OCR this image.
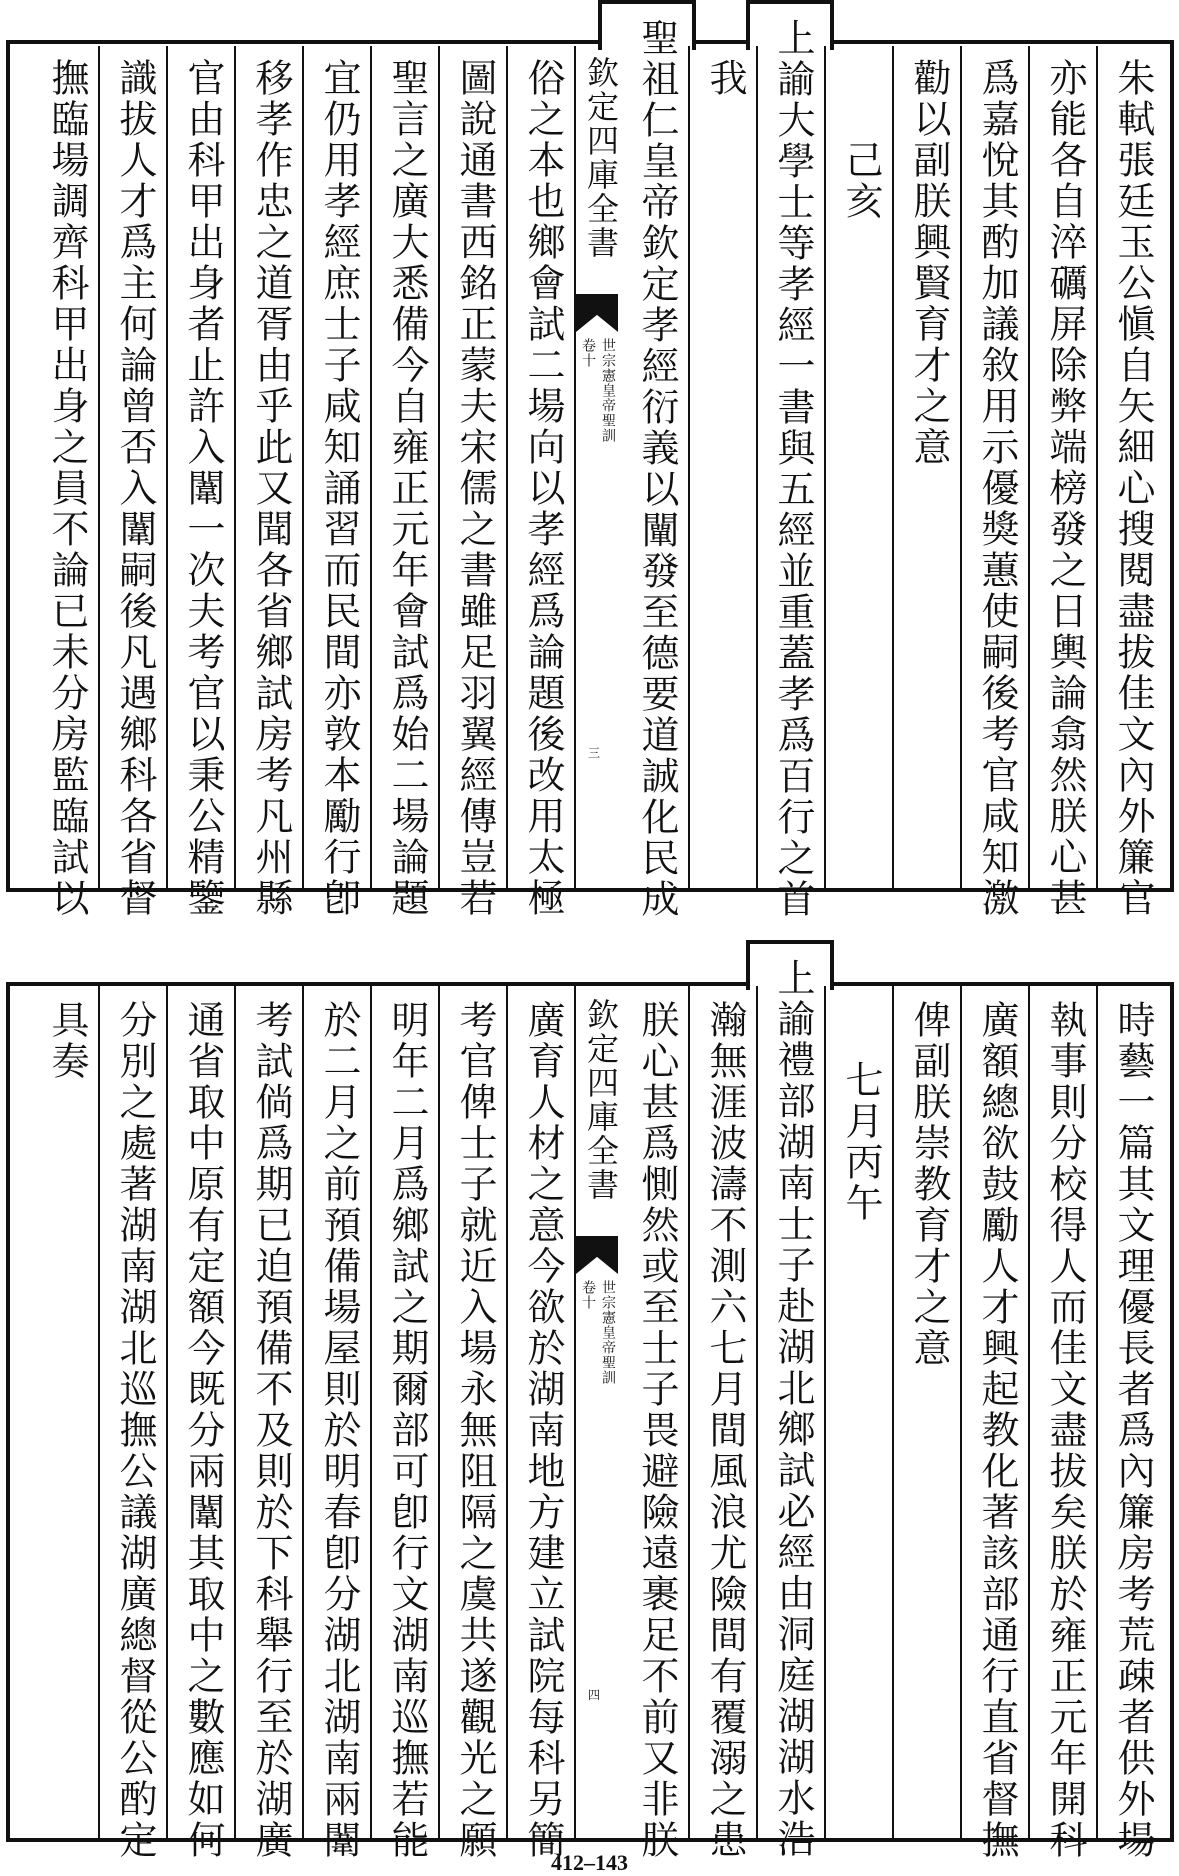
朱軾張廷玉公愼自矢細心搜閱盡拔佳文內外簾官
亦能各自淬礪屏除弊端榜發之日輿論翕然朕心甚
爲嘉悅其酌加議敘用示優獎蕙使嗣後考官咸知激
勸以副朕興賢育才之意
己亥
上諭大學士等孝經一書與五經並重蓋孝爲百行之首
我
聖祖仁皇帝欽定孝經衍義以闡發至德要道誠化民成
欽定四庫全書
世宗憲皇帝聖訓
卷十
三
俗之本也鄉會試二場向以孝經爲論題後改用太極
圖說通書西銘正蒙夫宋儒之書雖足羽翼經傳豈若
聖言之廣大悉備今自雍正元年會試爲始二場論題
宜仍用孝經庶士子咸知誦習而民間亦敦本勵行卽
移孝作忠之道胥由乎此又聞各省鄉試房考凡州縣
官由科甲出身者止許入闈一次夫考官以秉公精鑒
識拔人才爲主何論曾否入闈嗣後凡遇鄉科各省督
撫臨場調齊科甲出身之員不論已未分房監臨試以
時藝一篇其文理優長者爲內簾房考荒疎者供外場
執事則分校得人而佳文盡拔矣朕於雍正元年開科
廣額總欲鼓勵人才興起教化著該部通行直省督撫
俾副朕崇教育才之意
七月丙午
上諭禮部湖南士子赴湖北鄉試必經由洞庭湖湖水浩
瀚無涯波濤不測六七月間風浪尤險間有覆溺之患
朕心甚爲惻然或至士子畏避險遠裹足不前又非朕
欽定四庫全書
世宗憲皇帝聖訓
卷十
四
廣育人材之意今欲於湖南地方建立試院每科另簡
考官俾士子就近入場永無阻隔之虞共遂觀光之願
明年二月爲鄉試之期爾部可卽行文湖南巡撫若能
於二月之前預備場屋則於明春卽分湖北湖南兩闈
考試倘爲期已迫預備不及則於下科舉行至於湖廣
通省取中原有定額今既分兩闈其取中之數應如何
分別之處著湖南湖北巡撫公議湖廣總督從公酌定
具奏
412–143
